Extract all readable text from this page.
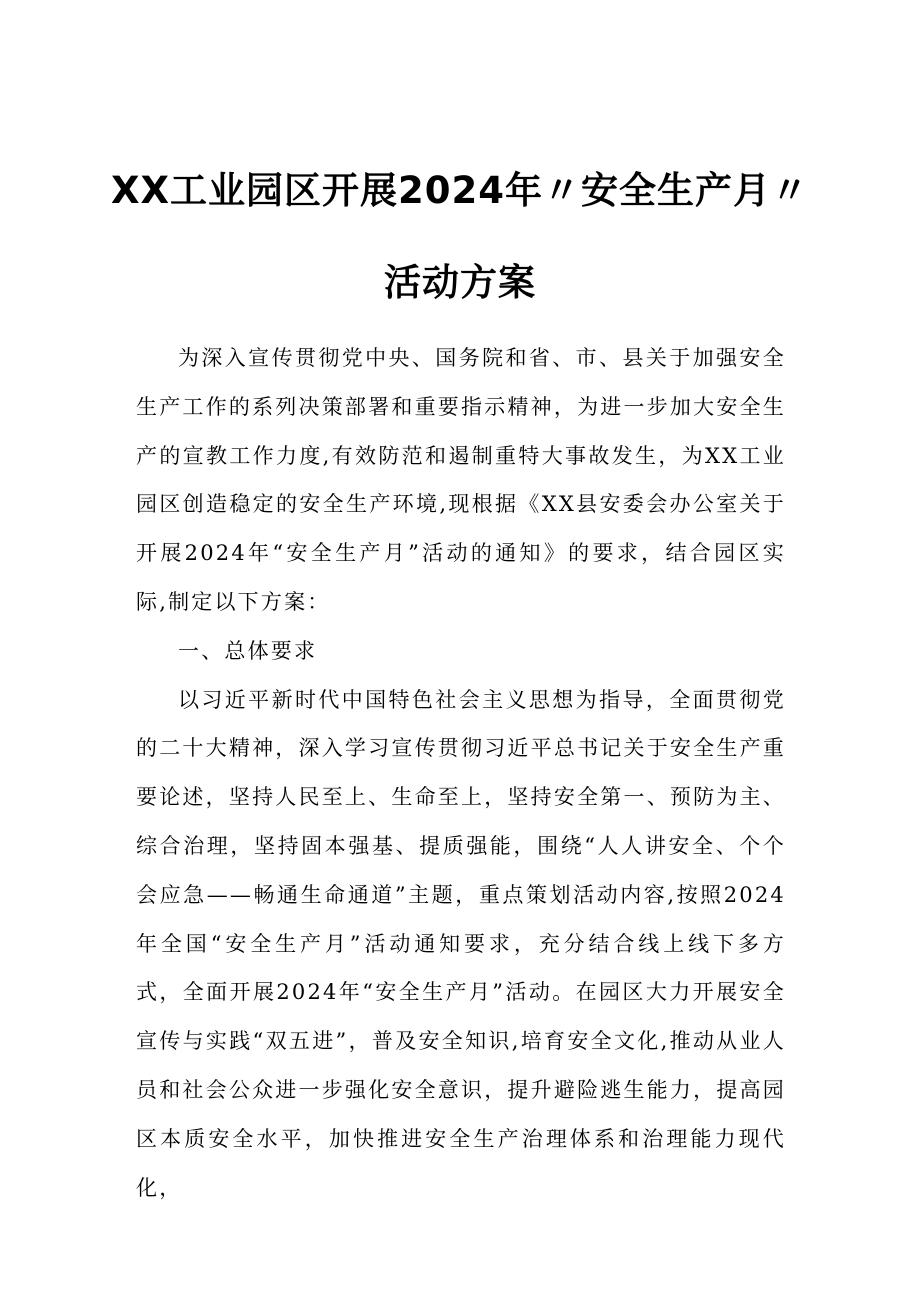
XX工业园区开展2024年〃安全生产月〃
活动方案

为深入宣传贯彻党中央、国务院和省、市、县关于加强安全生产工作的系列决策部署和重要指示精神，为进一步加大安全生产的宣教工作力度,有效防范和遏制重特大事故发生，为XX工业园区创造稳定的安全生产环境,现根据《XX县安委会办公室关于开展2024年“安全生产月”活动的通知》的要求，结合园区实际,制定以下方案：

一、总体要求

以习近平新时代中国特色社会主义思想为指导，全面贯彻党的二十大精神，深入学习宣传贯彻习近平总书记关于安全生产重要论述，坚持人民至上、生命至上，坚持安全第一、预防为主、综合治理，坚持固本强基、提质强能，围绕“人人讲安全、个个会应急——畅通生命通道”主题，重点策划活动内容,按照2024年全国“安全生产月”活动通知要求，充分结合线上线下多方式，全面开展2024年“安全生产月”活动。在园区大力开展安全宣传与实践“双五进”，普及安全知识,培育安全文化,推动从业人员和社会公众进一步强化安全意识，提升避险逃生能力，提高园区本质安全水平，加快推进安全生产治理体系和治理能力现代化，
